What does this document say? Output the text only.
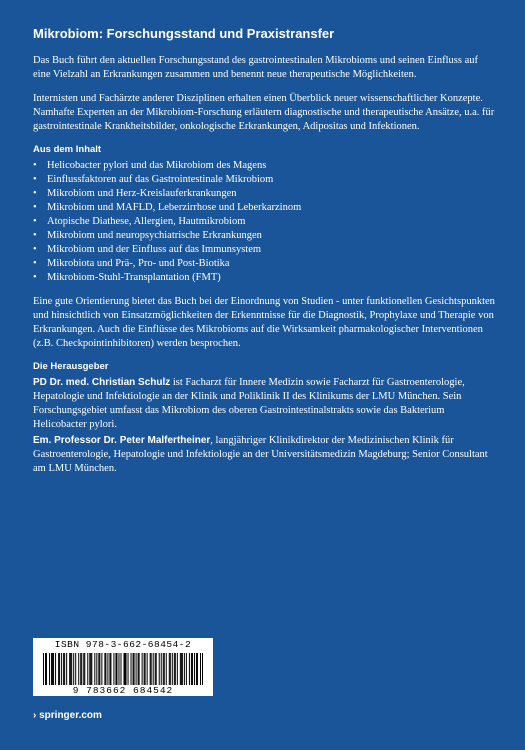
Mikrobiom: Forschungsstand und Praxistransfer

Das Buch führt den aktuellen Forschungsstand des gastrointestinalen Mikrobioms und seinen Einfluss auf eine Vielzahl an Erkrankungen zusammen und benennt neue therapeutische Möglichkeiten.

Internisten und Fachärzte anderer Disziplinen erhalten einen Überblick neuer wissenschaftlicher Konzepte. Namhafte Experten an der Mikrobiom-Forschung erläutern diagnostische und therapeutische Ansätze, u.a. für gastrointestinale Krankheitsbilder, onkologische Erkrankungen, Adipositas und Infektionen.

Aus dem Inhalt
• Helicobacter pylori und das Mikrobiom des Magens
• Einflussfaktoren auf das Gastrointestinale Mikrobiom
• Mikrobiom und Herz-Kreislauferkrankungen
• Mikrobiom und MAFLD, Leberzirrhose und Leberkarzinom
• Atopische Diathese, Allergien, Hautmikrobiom
• Mikrobiom und neuropsychiatrische Erkrankungen
• Mikrobiom und der Einfluss auf das Immunsystem
• Mikrobiota und Prä-, Pro- und Post-Biotika
• Mikrobiom-Stuhl-Transplantation (FMT)

Eine gute Orientierung bietet das Buch bei der Einordnung von Studien - unter funktionellen Gesichtspunkten und hinsichtlich von Einsatzmöglichkeiten der Erkenntnisse für die Diagnostik, Prophylaxe und Therapie von Erkrankungen. Auch die Einflüsse des Mikrobioms auf die Wirksamkeit pharmakologischer Interventionen (z.B. Checkpointinhibitoren) werden besprochen.

Die Herausgeber

PD Dr. med. Christian Schulz ist Facharzt für Innere Medizin sowie Facharzt für Gastroenterologie, Hepatologie und Infektiologie an der Klinik und Poliklinik II des Klinikums der LMU München. Sein Forschungsgebiet umfasst das Mikrobiom des oberen Gastrointestinalstrakts sowie das Bakterium Helicobacter pylori.

Em. Professor Dr. Peter Malfertheiner, langjähriger Klinikdirektor der Medizinischen Klinik für Gastroenterologie, Hepatologie und Infektiologie an der Universitätsmedizin Magdeburg; Senior Consultant am LMU München.

ISBN 978-3-662-68454-2
9 783662 684542
› springer.com
